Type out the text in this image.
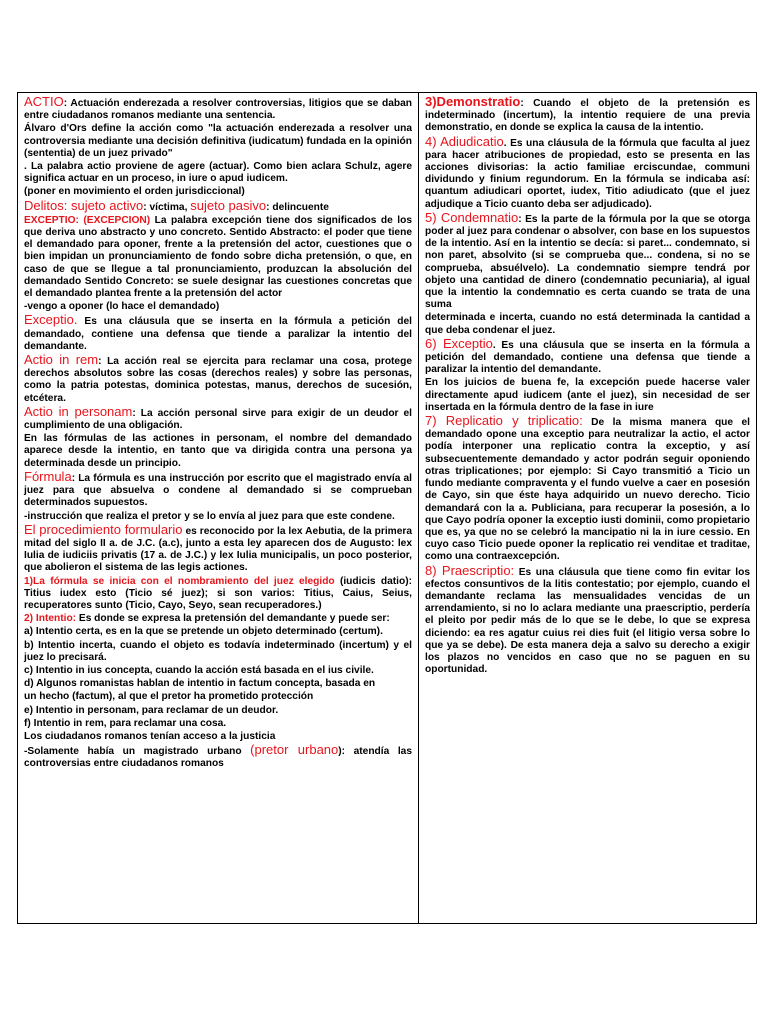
ACTIO: Actuación enderezada a resolver controversias, litigios que se daban entre ciudadanos romanos mediante una sentencia.

Álvaro d'Ors define la acción como "la actuación enderezada a resolver una controversia mediante una decisión definitiva (iudicatum) fundada en la opinión (sententia) de un juez privado"

. La palabra actio proviene de agere (actuar). Como bien aclara Schulz, agere significa actuar en un proceso, in iure o apud iudicem.

(poner en movimiento el orden jurisdiccional)

Delitos: sujeto activo: víctima, sujeto pasivo: delincuente

EXCEPTIO: (EXCEPCION) La palabra excepción tiene dos significados de los que deriva uno abstracto y uno concreto. Sentido Abstracto: el poder que tiene el demandado para oponer, frente a la pretensión del actor, cuestiones que o bien impidan un pronunciamiento de fondo sobre dicha pretensión, o que, en caso de que se llegue a tal pronunciamiento, produzcan la absolución del demandado Sentido Concreto: se suele designar las cuestiones concretas que el demandado plantea frente a la pretensión del actor

-vengo a oponer (lo hace el demandado)

Exceptio. Es una cláusula que se inserta en la fórmula a petición del demandado, contiene una defensa que tiende a paralizar la intentio del demandante.

Actio in rem: La acción real se ejercita para reclamar una cosa, protege derechos absolutos sobre las cosas (derechos reales) y sobre las personas, como la patria potestas, dominica potestas, manus, derechos de sucesión, etcétera.

Actio in personam: La acción personal sirve para exigir de un deudor el cumplimiento de una obligación.

En las fórmulas de las actiones in personam, el nombre del demandado aparece desde la intentio, en tanto que va dirigida contra una persona ya determinada desde un principio.

Fórmula: La fórmula es una instrucción por escrito que el magistrado envía al juez para que absuelva o condene al demandado si se comprueban determinados supuestos.

-instrucción que realiza el pretor y se lo envía al juez para que este condene.

El procedimiento formulario es reconocido por la lex Aebutia, de la primera mitad del siglo II a. de J.C. (a.c), junto a esta ley aparecen dos de Augusto: lex Iulia de iudiciis privatis (17 a. de J.C.) y lex Iulia municipalis, un poco posterior, que abolieron el sistema de las legis actiones.

1)La fórmula se inicia con el nombramiento del juez elegido (iudicis datio): Titius iudex esto (Ticio sé juez); si son varios: Titius, Caius, Seius, recuperatores sunto (Ticio, Cayo, Seyo, sean recuperadores.)

2) Intentio: Es donde se expresa la pretensión del demandante y puede ser:

a) Intentio certa, es en la que se pretende un objeto determinado (certum).

b) Intentio incerta, cuando el objeto es todavía indeterminado (incertum) y el juez lo precisará.

c) Intentio in ius concepta, cuando la acción está basada en el ius civile.

d) Algunos romanistas hablan de intentio in factum concepta, basada en

un hecho (factum), al que el pretor ha prometido protección

e) Intentio in personam, para reclamar de un deudor.

f) Intentio in rem, para reclamar una cosa.

Los ciudadanos romanos tenían acceso a la justicia

-Solamente había un magistrado urbano (pretor urbano): atendía las controversias entre ciudadanos romanos

3)Demonstratio: Cuando el objeto de la pretensión es indeterminado (incertum), la intentio requiere de una previa demonstratio, en donde se explica la causa de la intentio.

4) Adiudicatio. Es una cláusula de la fórmula que faculta al juez para hacer atribuciones de propiedad, esto se presenta en las acciones divisorias: la actio familiae erciscundae, communi dividundo y finium regundorum. En la fórmula se indicaba así: quantum adiudicari oportet, iudex, Titio adiudicato (que el juez adjudique a Ticio cuanto deba ser adjudicado).

5) Condemnatio: Es la parte de la fórmula por la que se otorga poder al juez para condenar o absolver, con base en los supuestos de la intentio. Así en la intentio se decía: si paret... condemnato, si non paret, absolvito (si se comprueba que... condena, si no se comprueba, absuélvelo). La condemnatio siempre tendrá por objeto una cantidad de dinero (condemnatio pecuniaria), al igual que la intentio la condemnatio es certa cuando se trata de una suma

determinada e incerta, cuando no está determinada la cantidad a que deba condenar el juez.

6) Exceptio. Es una cláusula que se inserta en la fórmula a petición del demandado, contiene una defensa que tiende a paralizar la intentio del demandante.

En los juicios de buena fe, la excepción puede hacerse valer directamente apud iudicem (ante el juez), sin necesidad de ser insertada en la fórmula dentro de la fase in iure

7) Replicatio y triplicatio: De la misma manera que el demandado opone una exceptio para neutralizar la actio, el actor podía interponer una replicatio contra la exceptio, y así subsecuentemente demandado y actor podrán seguir oponiendo otras triplicationes; por ejemplo: Si Cayo transmitió a Ticio un fundo mediante compraventa y el fundo vuelve a caer en posesión de Cayo, sin que éste haya adquirido un nuevo derecho. Ticio demandará con la a. Publiciana, para recuperar la posesión, a lo que Cayo podría oponer la exceptio iusti dominii, como propietario que es, ya que no se celebró la mancipatio ni la in iure cessio. En cuyo caso Ticio puede oponer la replicatio rei venditae et traditae, como una contraexcepción.

8) Praescriptio: Es una cláusula que tiene como fin evitar los efectos consuntivos de la litis contestatio; por ejemplo, cuando el demandante reclama las mensualidades vencidas de un arrendamiento, si no lo aclara mediante una praescriptio, perdería el pleito por pedir más de lo que se le debe, lo que se expresa diciendo: ea res agatur cuius rei dies fuit (el litigio versa sobre lo que ya se debe). De esta manera deja a salvo su derecho a exigir los plazos no vencidos en caso que no se paguen en su oportunidad.
